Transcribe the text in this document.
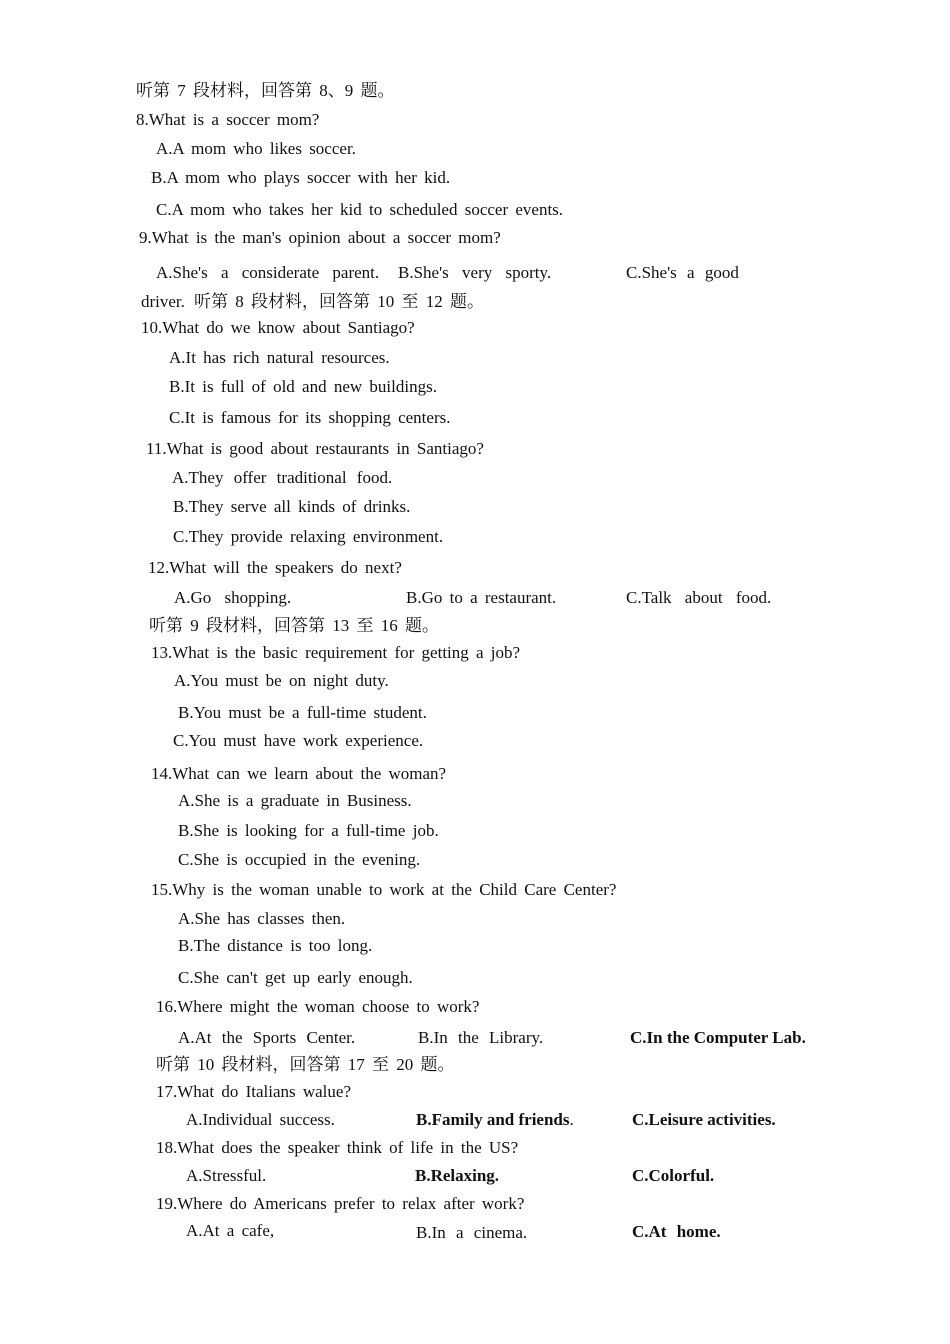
听第 7 段材料，回答第 8、9 题。
8.What is a soccer mom?
A.A mom who likes soccer.
B.A mom who plays soccer with her kid.
C.A mom who takes her kid to scheduled soccer events.
9.What is the man's opinion about a soccer mom?
A.She's a considerate parent. B.She's very sporty.	C.She's a good
driver. 听第 8 段材料，回答第 10 至 12 题。
10.What do we know about Santiago?
A.It has rich natural resources.
B.It is full of old and new buildings.
C.It is famous for its shopping centers.
11.What is good about restaurants in Santiago?
A.They offer traditional food.
B.They serve all kinds of drinks.
C.They provide relaxing environment.
12.What will the speakers do next?
A.Go shopping.	B.Go to a restaurant.	C.Talk about food.
听第 9 段材料，回答第 13 至 16 题。
13.What is the basic requirement for getting a job?
A.You must be on night duty.
B.You must be a full-time student.
C.You must have work experience.
14.What can we learn about the woman?
A.She is a graduate in Business.
B.She is looking for a full-time job.
C.She is occupied in the evening.
15.Why is the woman unable to work at the Child Care Center?
A.She has classes then.
B.The distance is too long.
C.She can't get up early enough.
16.Where might the woman choose to work?
A.At the Sports Center.	B.In the Library.	C.In the Computer Lab.
听第 10 段材料，回答第 17 至 20 题。
17.What do Italians walue?
A.Individual success.	B.Family and friends.	C.Leisure activities.
18.What does the speaker think of life in the US?
A.Stressful.	B.Relaxing.	C.Colorful.
19.Where do Americans prefer to relax after work?
A.At a cafe,	B.In a cinema.	C.At home.
